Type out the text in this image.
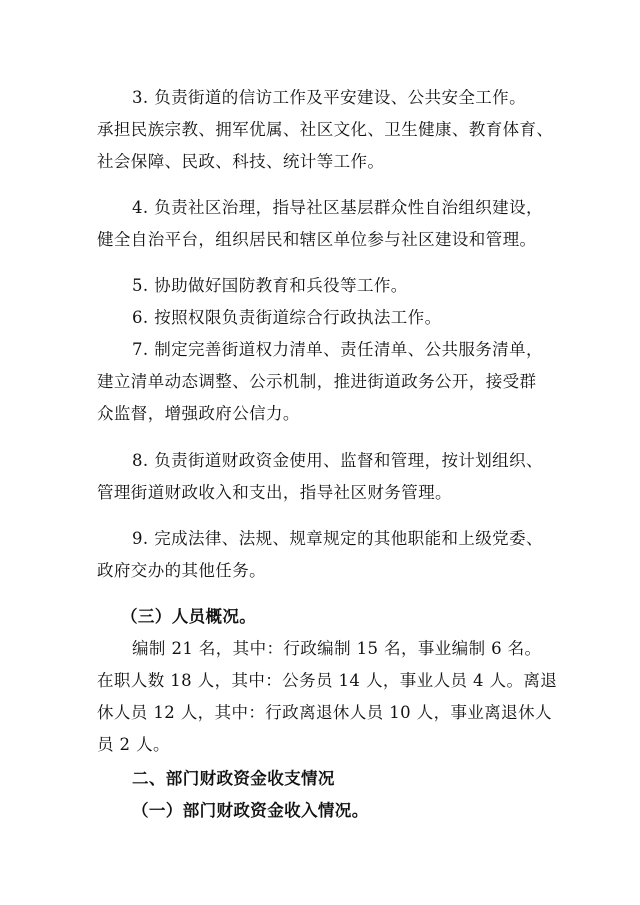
3. 负责街道的信访工作及平安建设、公共安全工作。

承担民族宗教、拥军优属、社区文化、卫生健康、教育体育、

社会保障、民政、科技、统计等工作。

4. 负责社区治理，指导社区基层群众性自治组织建设，

健全自治平台，组织居民和辖区单位参与社区建设和管理。

5. 协助做好国防教育和兵役等工作。

6. 按照权限负责街道综合行政执法工作。

7. 制定完善街道权力清单、责任清单、公共服务清单，

建立清单动态调整、公示机制，推进街道政务公开，接受群

众监督，增强政府公信力。

8. 负责街道财政资金使用、监督和管理，按计划组织、

管理街道财政收入和支出，指导社区财务管理。

9. 完成法律、法规、规章规定的其他职能和上级党委、

政府交办的其他任务。

（三）人员概况。

编制 21 名，其中：行政编制 15 名，事业编制 6 名。

在职人数 18 人，其中：公务员 14 人，事业人员 4 人。离退

休人员 12 人，其中：行政离退休人员 10 人，事业离退休人

员 2 人。

二、部门财政资金收支情况

（一）部门财政资金收入情况。
